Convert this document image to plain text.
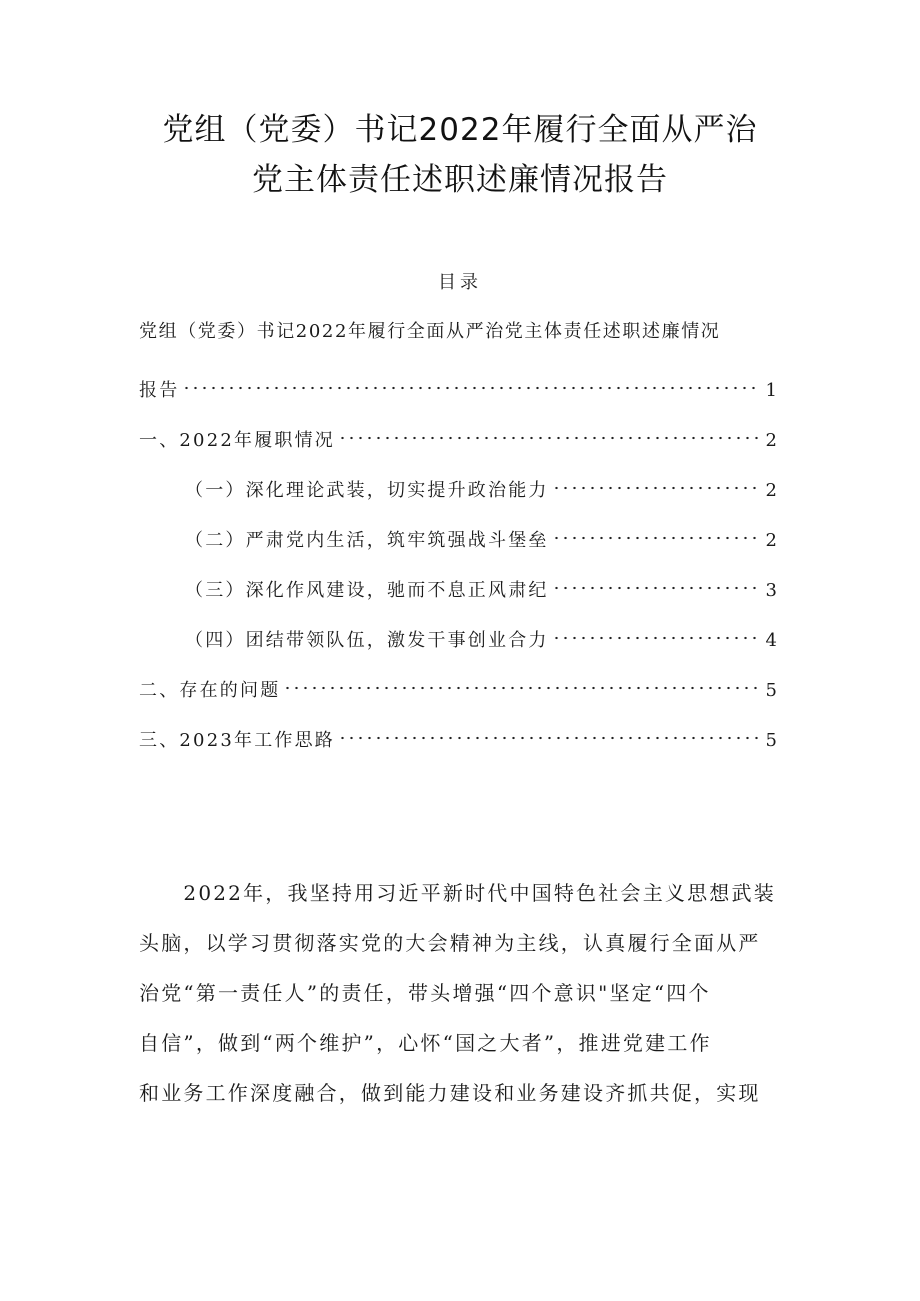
党组（党委）书记2022年履行全面从严治
党主体责任述职述廉情况报告
目录
党组（党委）书记2022年履行全面从严治党主体责任述职述廉情况
报告	1
一、2022年履职情况	2
（一）深化理论武装，切实提升政治能力	2
（二）严肃党内生活，筑牢筑强战斗堡垒	2
（三）深化作风建设，驰而不息正风肃纪	3
（四）团结带领队伍，激发干事创业合力	4
二、存在的问题	5
三、2023年工作思路	5
　　2022年，我坚持用习近平新时代中国特色社会主义思想武装
头脑，以学习贯彻落实党的大会精神为主线，认真履行全面从严
治党“第一责任人”的责任，带头增强“四个意识"坚定“四个
自信”，做到“两个维护”，心怀“国之大者”，推进党建工作
和业务工作深度融合，做到能力建设和业务建设齐抓共促，实现
